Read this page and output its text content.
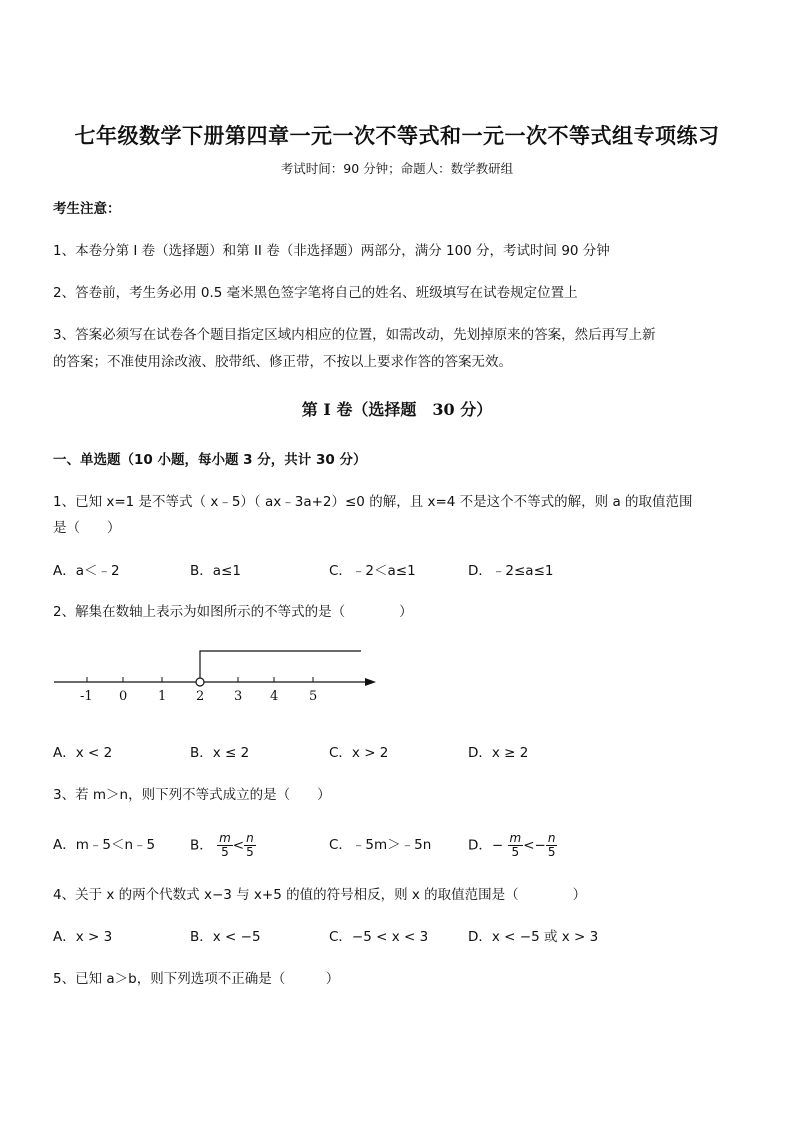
七年级数学下册第四章一元一次不等式和一元一次不等式组专项练习
考试时间：90 分钟；命题人：数学教研组
考生注意：
1、本卷分第 I 卷（选择题）和第 II 卷（非选择题）两部分，满分 100 分，考试时间 90 分钟
2、答卷前，考生务必用 0.5 毫米黑色签字笔将自己的姓名、班级填写在试卷规定位置上
3、答案必须写在试卷各个题目指定区域内相应的位置，如需改动，先划掉原来的答案，然后再写上新
的答案；不准使用涂改液、胶带纸、修正带，不按以上要求作答的答案无效。
第 I 卷（选择题　30 分）
一、单选题（10 小题，每小题 3 分，共计 30 分）
1、已知 x=1 是不等式（ x﹣5）（ ax﹣3a+2）≤0 的解，且 x=4 不是这个不等式的解，则 a 的取值范围
是（　　）
A．a＜﹣2	B．a≤1	C．﹣2＜a≤1	D．﹣2≤a≤1
2、解集在数轴上表示为如图所示的不等式的是（　　　　）
-1 0 1 2 3 4 5
A．x < 2	B．x ≤ 2	C．x > 2	D．x ≥ 2
3、若 m＞n，则下列不等式成立的是（　　）
A．m﹣5＜n﹣5	B． $\frac{m}{5} < \frac{n}{5}$	C．﹣5m＞﹣5n	D．− $\frac{m}{5} <- \frac{n}{5}$
4、关于 x 的两个代数式 x−3 与 x+5 的值的符号相反，则 x 的取值范围是（　　　　）
A．x > 3	B．x < −5	C．−5 < x < 3	D．x < −5 或 x > 3
5、已知 a＞b，则下列选项不正确是（　　　）
